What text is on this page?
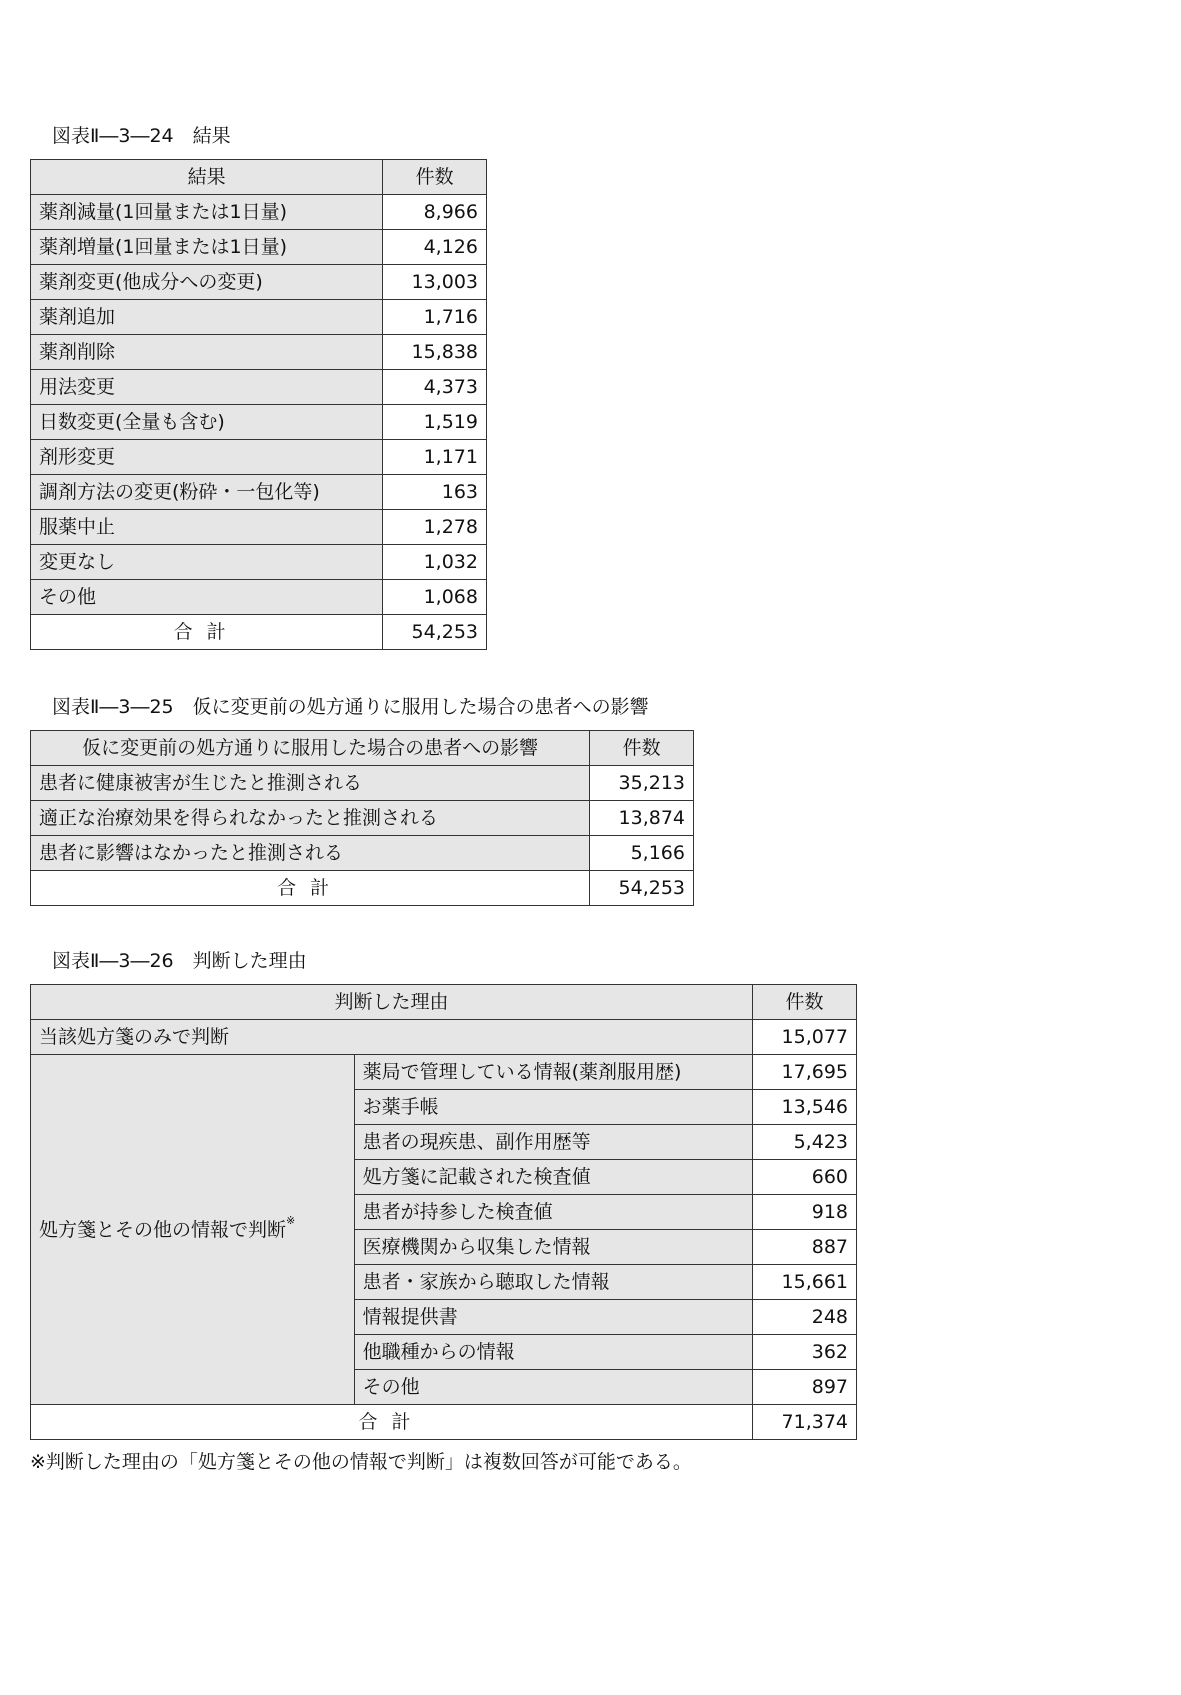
図表Ⅱ―3―24　結果
結果	件数
薬剤減量(1回量または1日量)	8,966
薬剤増量(1回量または1日量)	4,126
薬剤変更(他成分への変更)	13,003
薬剤追加	1,716
薬剤削除	15,838
用法変更	4,373
日数変更(全量も含む)	1,519
剤形変更	1,171
調剤方法の変更(粉砕・一包化等)	163
服薬中止	1,278
変更なし	1,032
その他	1,068
合計	54,253
図表Ⅱ―3―25　仮に変更前の処方通りに服用した場合の患者への影響
仮に変更前の処方通りに服用した場合の患者への影響	件数
患者に健康被害が生じたと推測される	35,213
適正な治療効果を得られなかったと推測される	13,874
患者に影響はなかったと推測される	5,166
合計	54,253
図表Ⅱ―3―26　判断した理由
判断した理由		件数
当該処方箋のみで判断		15,077
処方箋とその他の情報で判断※	薬局で管理している情報(薬剤服用歴)	17,695
	お薬手帳	13,546
	患者の現疾患、副作用歴等	5,423
	処方箋に記載された検査値	660
	患者が持参した検査値	918
	医療機関から収集した情報	887
	患者・家族から聴取した情報	15,661
	情報提供書	248
	他職種からの情報	362
	その他	897
合計		71,374
※判断した理由の「処方箋とその他の情報で判断」は複数回答が可能である。
